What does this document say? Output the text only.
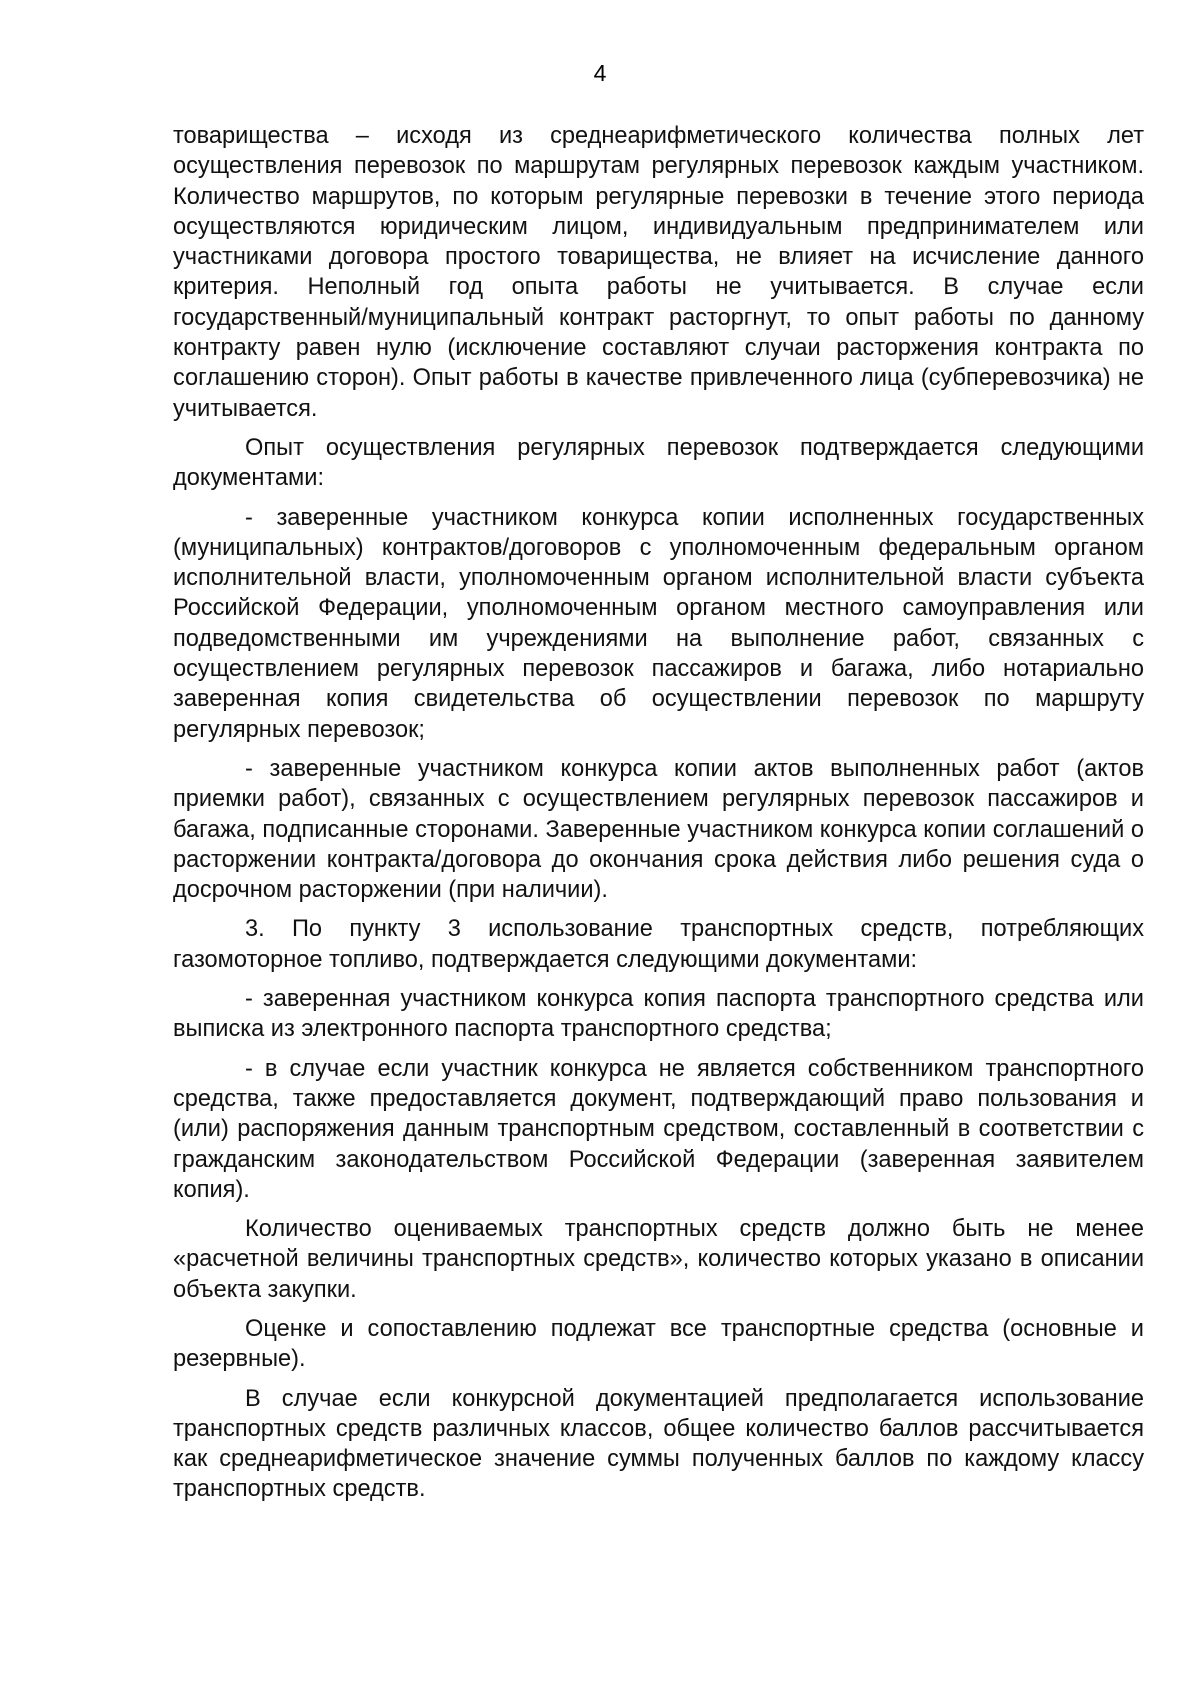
4

товарищества – исходя из среднеарифметического количества полных лет осуществления перевозок по маршрутам регулярных перевозок каждым участником. Количество маршрутов, по которым регулярные перевозки в течение этого периода осуществляются юридическим лицом, индивидуальным предпринимателем или участниками договора простого товарищества, не влияет на исчисление данного критерия. Неполный год опыта работы не учитывается. В случае если государственный/муниципальный контракт расторгнут, то опыт работы по данному контракту равен нулю (исключение составляют случаи расторжения контракта по соглашению сторон). Опыт работы в качестве привлеченного лица (субперевозчика) не учитывается.

Опыт осуществления регулярных перевозок подтверждается следующими документами:

- заверенные участником конкурса копии исполненных государственных (муниципальных) контрактов/договоров с уполномоченным федеральным органом исполнительной власти, уполномоченным органом исполнительной власти субъекта Российской Федерации, уполномоченным органом местного самоуправления или подведомственными им учреждениями на выполнение работ, связанных с осуществлением регулярных перевозок пассажиров и багажа, либо нотариально заверенная копия свидетельства об осуществлении перевозок по маршруту регулярных перевозок;

- заверенные участником конкурса копии актов выполненных работ (актов приемки работ), связанных с осуществлением регулярных перевозок пассажиров и багажа, подписанные сторонами. Заверенные участником конкурса копии соглашений о расторжении контракта/договора до окончания срока действия либо решения суда о досрочном расторжении (при наличии).

3. По пункту 3 использование транспортных средств, потребляющих газомоторное топливо, подтверждается следующими документами:

- заверенная участником конкурса копия паспорта транспортного средства или выписка из электронного паспорта транспортного средства;

- в случае если участник конкурса не является собственником транспортного средства, также предоставляется документ, подтверждающий право пользования и (или) распоряжения данным транспортным средством, составленный в соответствии с гражданским законодательством Российской Федерации (заверенная заявителем копия).

Количество оцениваемых транспортных средств должно быть не менее «расчетной величины транспортных средств», количество которых указано в описании объекта закупки.

Оценке и сопоставлению подлежат все транспортные средства (основные и резервные).

В случае если конкурсной документацией предполагается использование транспортных средств различных классов, общее количество баллов рассчитывается как среднеарифметическое значение суммы полученных баллов по каждому классу транспортных средств.
